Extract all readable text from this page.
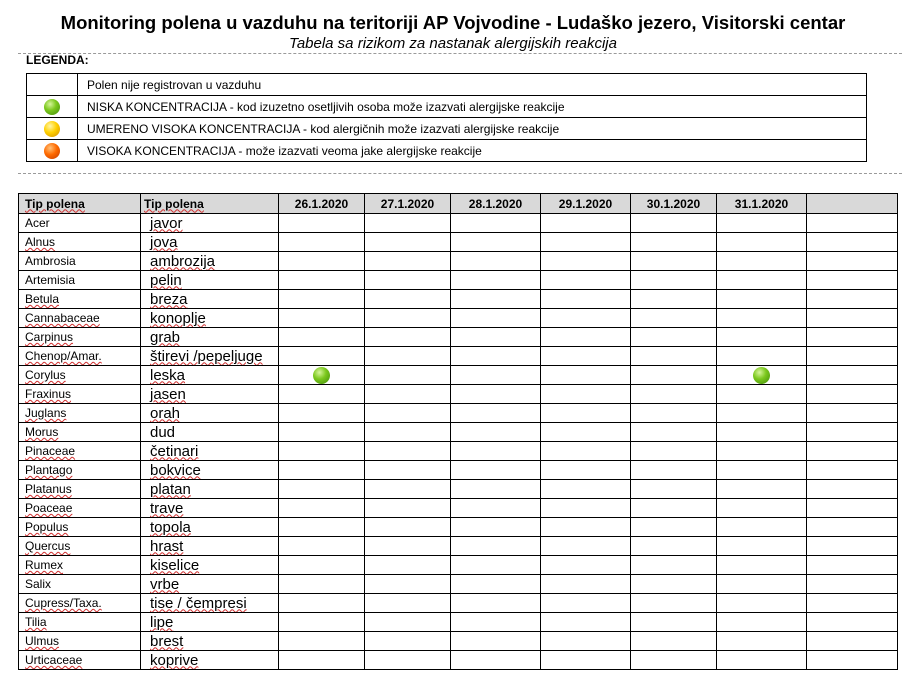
Monitoring polena u vazduhu na teritoriji AP Vojvodine - Ludaško jezero, Visitorski centar
Tabela sa rizikom za nastanak alergijskih reakcija
LEGENDA:
	Polen nije registrovan u vazduhu
	NISKA KONCENTRACIJA - kod izuzetno osetljivih osoba može izazvati alergijske reakcije
	UMERENO VISOKA KONCENTRACIJA - kod alergičnih može izazvati alergijske reakcije
	VISOKA KONCENTRACIJA - može izazvati veoma jake alergijske reakcije
Tip polena	Tip polena	26.1.2020	27.1.2020	28.1.2020	29.1.2020	30.1.2020	31.1.2020	
Acer	javor							
Alnus	jova							
Ambrosia	ambrozija							
Artemisia	pelin							
Betula	breza							
Cannabaceae	konoplje							
Carpinus	grab							
Chenop/Amar.	štirevi /pepeljuge							
Corylus	leska							
Fraxinus	jasen							
Juglans	orah							
Morus	dud							
Pinaceae	četinari							
Plantago	bokvice							
Platanus	platan							
Poaceae	trave							
Populus	topola							
Quercus	hrast							
Rumex	kiselice							
Salix	vrbe							
Cupress/Taxa.	tise / čempresi							
Tilia	lipe							
Ulmus	brest							
Urticaceae	koprive							
